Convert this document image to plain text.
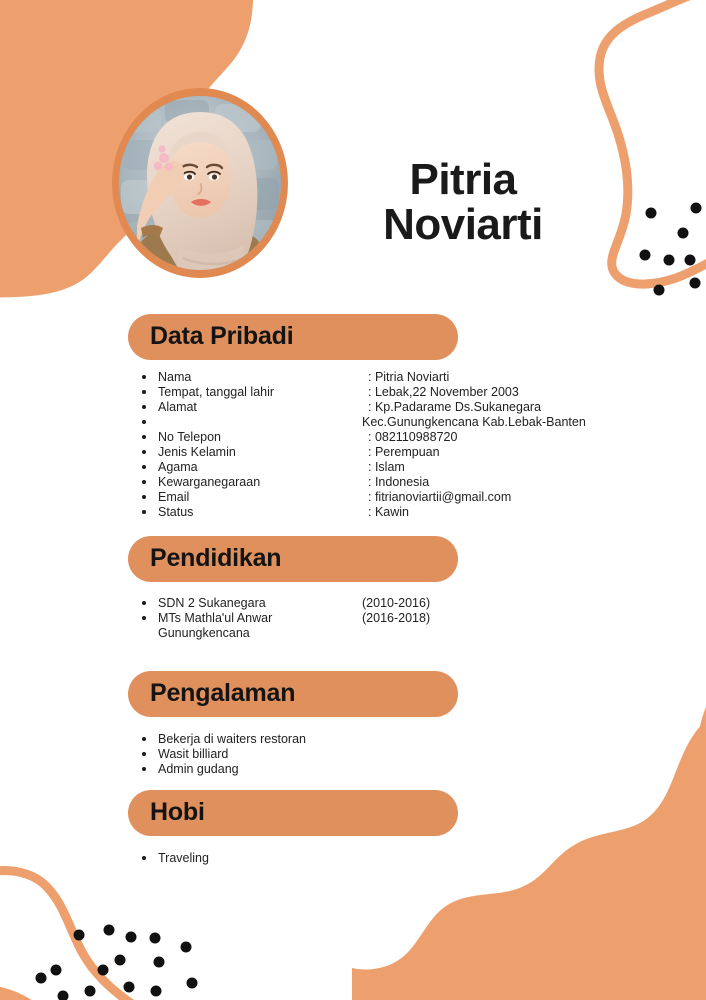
Pitria
Noviarti
Data Pribadi
Nama	: Pitria Noviarti
Tempat, tanggal lahir	: Lebak,22 November 2003
Alamat	: Kp.Padarame Ds.Sukanegara
Kec.Gunungkencana Kab.Lebak-Banten
No Telepon	: 082110988720
Jenis Kelamin	: Perempuan
Agama	: Islam
Kewarganegaraan	: Indonesia
Email	: fitrianoviartii@gmail.com
Status	: Kawin
Pendidikan
SDN 2 Sukanegara	(2010-2016)
MTs Mathla'ul Anwar	(2016-2018)
Gunungkencana
Pengalaman
Bekerja di waiters restoran
Wasit billiard
Admin gudang
Hobi
Traveling
